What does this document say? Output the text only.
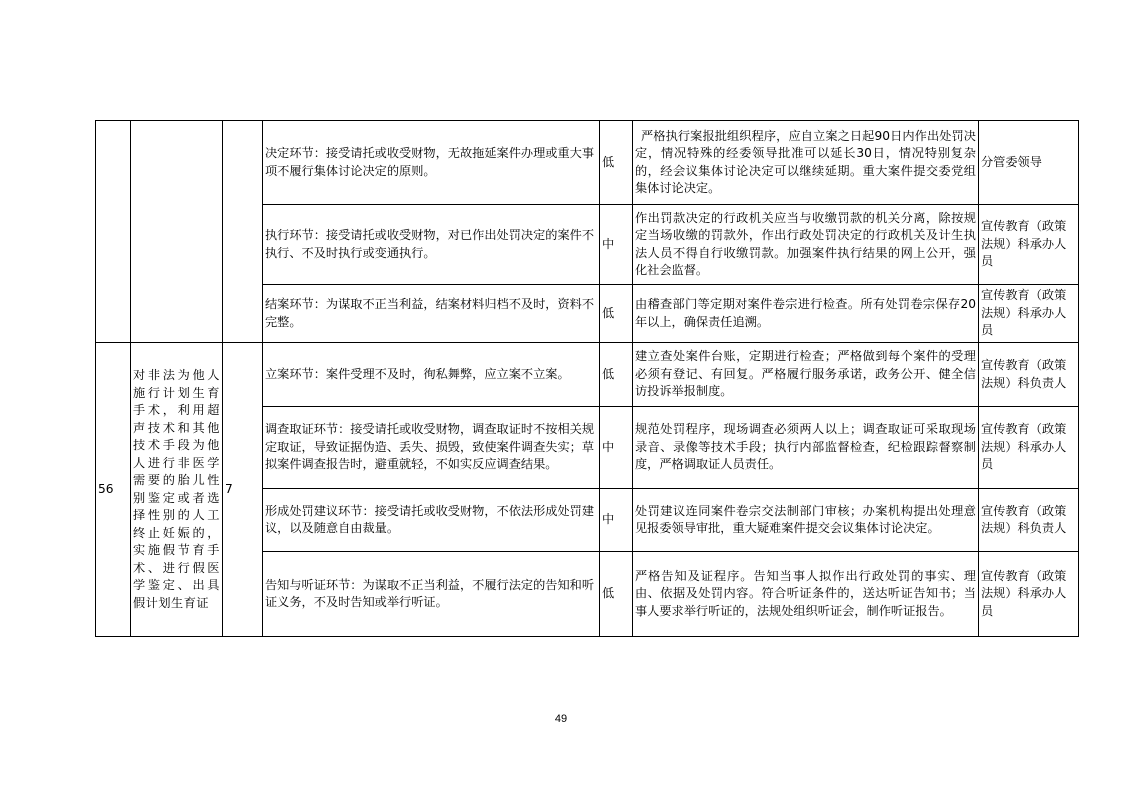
			决定环节：接受请托或收受财物，无故拖延案件办理或重大事项不履行集体讨论决定的原则。	低	严格执行案报批组织程序，应自立案之日起90日内作出处罚决定，情况特殊的经委领导批准可以延长30日，情况特别复杂的，经会议集体讨论决定可以继续延期。重大案件提交委党组集体讨论决定。	分管委领导
			执行环节：接受请托或收受财物，对已作出处罚决定的案件不执行、不及时执行或变通执行。	中	作出罚款决定的行政机关应当与收缴罚款的机关分离，除按规定当场收缴的罚款外，作出行政处罚决定的行政机关及计生执法人员不得自行收缴罚款。加强案件执行结果的网上公开，强化社会监督。	宣传教育（政策法规）科承办人员
			结案环节：为谋取不正当利益，结案材料归档不及时，资料不完整。	低	由稽查部门等定期对案件卷宗进行检查。所有处罚卷宗保存20年以上，确保责任追溯。	宣传教育（政策法规）科承办人员
56	对非法为他人施行计划生育手术，利用超声技术和其他技术手段为他人进行非医学需要的胎儿性别鉴定或者选择性别的人工终止妊娠的，实施假节育手术、进行假医学鉴定、出具假计划生育证	7	立案环节：案件受理不及时，徇私舞弊，应立案不立案。	低	建立查处案件台账，定期进行检查；严格做到每个案件的受理必须有登记、有回复。严格履行服务承诺，政务公开、健全信访投诉举报制度。	宣传教育（政策法规）科负责人
			调查取证环节：接受请托或收受财物，调查取证时不按相关规定取证，导致证据伪造、丢失、损毁，致使案件调查失实；草拟案件调查报告时，避重就轻，不如实反应调查结果。	中	规范处罚程序，现场调查必须两人以上；调查取证可采取现场录音、录像等技术手段；执行内部监督检查，纪检跟踪督察制度，严格调取证人员责任。	宣传教育（政策法规）科承办人员
			形成处罚建议环节：接受请托或收受财物，不依法形成处罚建议，以及随意自由裁量。	中	处罚建议连同案件卷宗交法制部门审核；办案机构提出处理意见报委领导审批，重大疑难案件提交会议集体讨论决定。	宣传教育（政策法规）科负责人
			告知与听证环节：为谋取不正当利益，不履行法定的告知和听证义务，不及时告知或举行听证。	低	严格告知及证程序。告知当事人拟作出行政处罚的事实、理由、依据及处罚内容。符合听证条件的，送达听证告知书；当事人要求举行听证的，法规处组织听证会，制作听证报告。	宣传教育（政策法规）科承办人员
49
